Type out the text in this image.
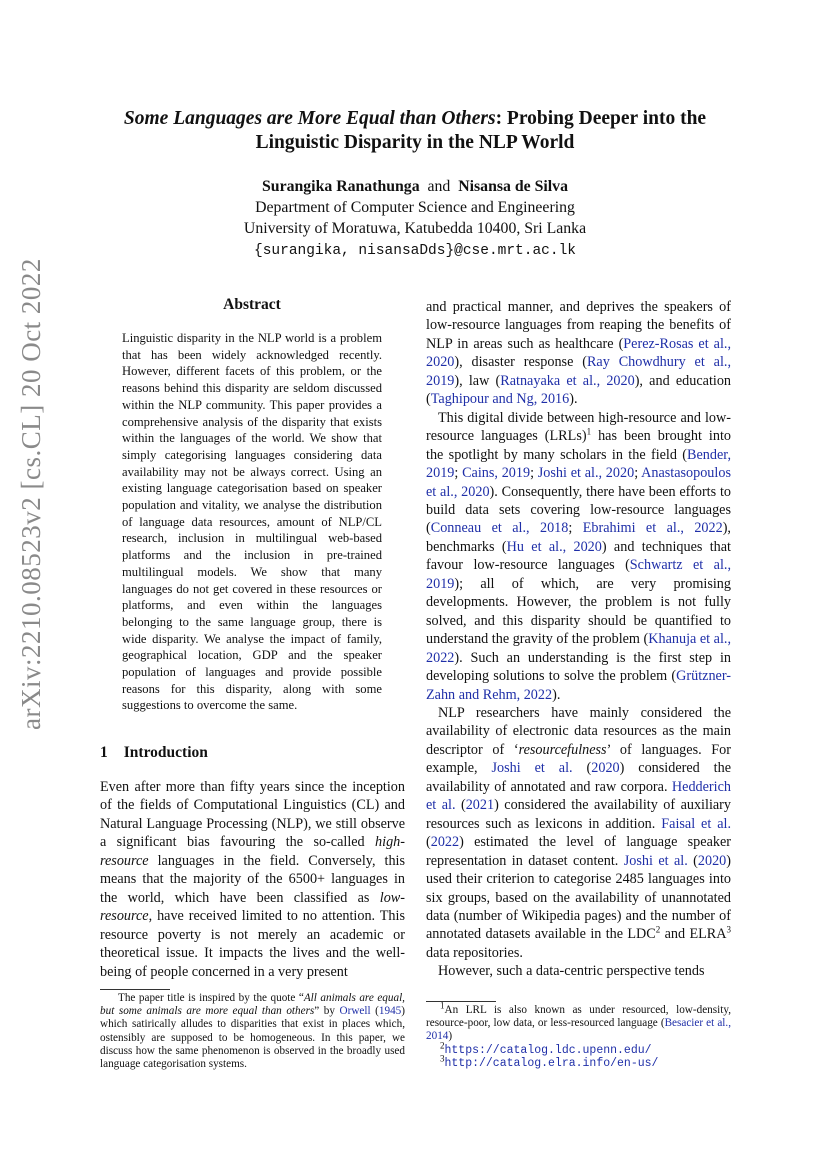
arXiv:2210.08523v2 [cs.CL] 20 Oct 2022
Some Languages are More Equal than Others: Probing Deeper into the
Linguistic Disparity in the NLP World
Surangika Ranathunga and Nisansa de Silva
Department of Computer Science and Engineering
University of Moratuwa, Katubedda 10400, Sri Lanka
{surangika, nisansaDds}@cse.mrt.ac.lk
Abstract
Linguistic disparity in the NLP world is a problem that has been widely acknowledged recently. However, different facets of this problem, or the reasons behind this disparity are seldom discussed within the NLP community. This paper provides a comprehensive analysis of the disparity that exists within the languages of the world. We show that simply categorising languages considering data availability may not be always correct. Using an existing language categorisation based on speaker population and vitality, we analyse the distribution of language data resources, amount of NLP/CL research, inclusion in multilingual web-based platforms and the inclusion in pre-trained multilingual models. We show that many languages do not get covered in these resources or platforms, and even within the languages belonging to the same language group, there is wide disparity. We analyse the impact of family, geographical location, GDP and the speaker population of languages and provide possible reasons for this disparity, along with some suggestions to overcome the same.
1 Introduction
Even after more than fifty years since the inception of the fields of Computational Linguistics (CL) and Natural Language Processing (NLP), we still observe a significant bias favouring the so-called high-resource languages in the field. Conversely, this means that the majority of the 6500+ languages in the world, which have been classified as low-resource, have received limited to no attention. This resource poverty is not merely an academic or theoretical issue. It impacts the lives and the well-being of people concerned in a very present
The paper title is inspired by the quote “All animals are equal, but some animals are more equal than others” by Orwell (1945) which satirically alludes to disparities that exist in places which, ostensibly are supposed to be homogeneous. In this paper, we discuss how the same phenomenon is observed in the broadly used language categorisation systems.

and practical manner, and deprives the speakers of low-resource languages from reaping the benefits of NLP in areas such as healthcare (Perez-Rosas et al., 2020), disaster response (Ray Chowdhury et al., 2019), law (Ratnayaka et al., 2020), and education (Taghipour and Ng, 2016).

This digital divide between high-resource and low-resource languages (LRLs)$^1$ has been brought into the spotlight by many scholars in the field (Bender, 2019; Cains, 2019; Joshi et al., 2020; Anastasopoulos et al., 2020). Consequently, there have been efforts to build data sets covering low-resource languages (Conneau et al., 2018; Ebrahimi et al., 2022), benchmarks (Hu et al., 2020) and techniques that favour low-resource languages (Schwartz et al., 2019); all of which, are very promising developments. However, the problem is not fully solved, and this disparity should be quantified to understand the gravity of the problem (Khanuja et al., 2022). Such an understanding is the first step in developing solutions to solve the problem (Grützner-Zahn and Rehm, 2022).

NLP researchers have mainly considered the availability of electronic data resources as the main descriptor of ‘resourcefulness’ of languages. For example, Joshi et al. (2020) considered the availability of annotated and raw corpora. Hedderich et al. (2021) considered the availability of auxiliary resources such as lexicons in addition. Faisal et al. (2022) estimated the level of language speaker representation in dataset content. Joshi et al. (2020) used their criterion to categorise 2485 languages into six groups, based on the availability of unannotated data (number of Wikipedia pages) and the number of annotated datasets available in the LDC$^2$ and ELRA$^3$ data repositories.

However, such a data-centric perspective tends

$^1$An LRL is also known as under resourced, low-density, resource-poor, low data, or less-resourced language (Besacier et al., 2014)
$^2$https://catalog.ldc.upenn.edu/
$^3$http://catalog.elra.info/en-us/
